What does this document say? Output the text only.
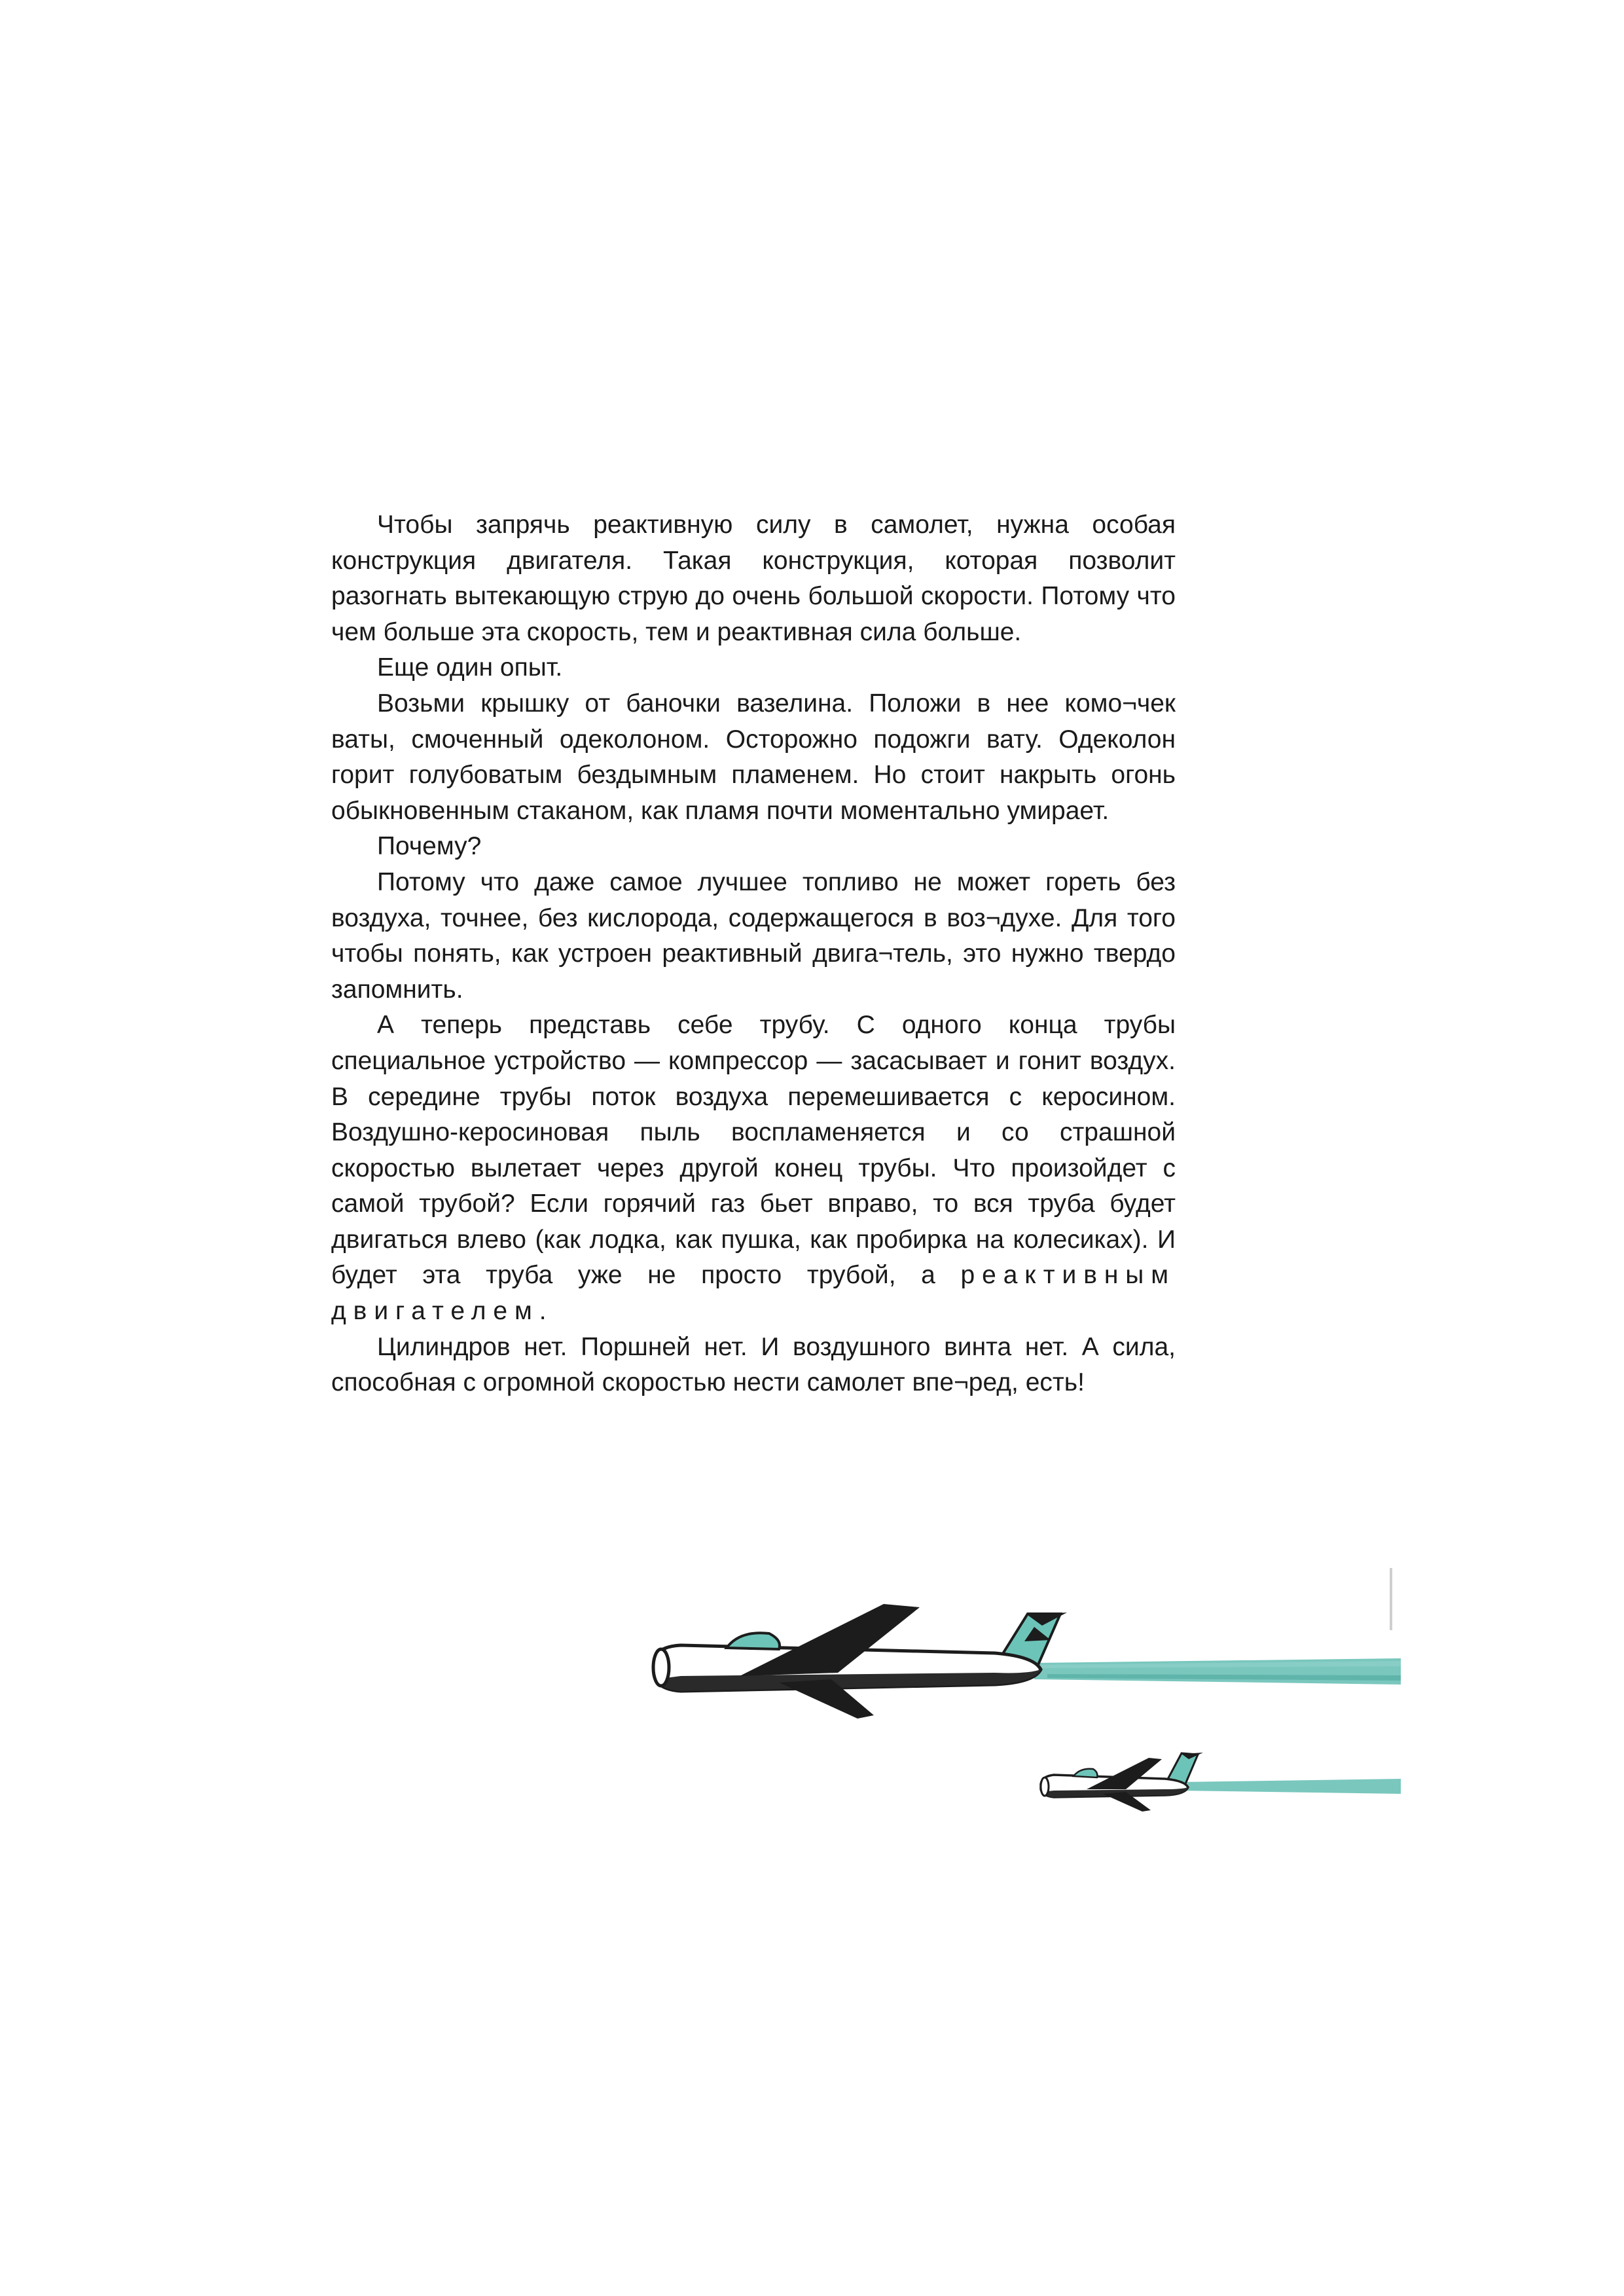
Чтобы запрячь реактивную силу в самолет, нужна особая конструкция двигателя. Такая конструкция, которая позволит разогнать вытекающую струю до очень большой скорости. Потому что чем больше эта скорость, тем и реактивная сила больше.

Еще один опыт.

Возьми крышку от баночки вазелина. Положи в нее комо¬чек ваты, смоченный одеколоном. Осторожно подожги вату. Одеколон горит голубоватым бездымным пламенем. Но стоит накрыть огонь обыкновенным стаканом, как пламя почти моментально умирает.

Почему?

Потому что даже самое лучшее топливо не может гореть без воздуха, точнее, без кислорода, содержащегося в воз¬духе. Для того чтобы понять, как устроен реактивный двига¬тель, это нужно твердо запомнить.

А теперь представь себе трубу. С одного конца трубы специальное устройство — компрессор — засасывает и гонит воздух. В середине трубы поток воздуха перемешивается с керосином. Воздушно-керосиновая пыль воспламеняется и со страшной скоростью вылетает через другой конец трубы. Что произойдет с самой трубой? Если горячий газ бьет вправо, то вся труба будет двигаться влево (как лодка, как пушка, как пробирка на колесиках). И будет эта труба уже не просто трубой, а реактивным двигателем.

Цилиндров нет. Поршней нет. И воздушного винта нет. А сила, способная с огромной скоростью нести самолет впе¬ред, есть!
